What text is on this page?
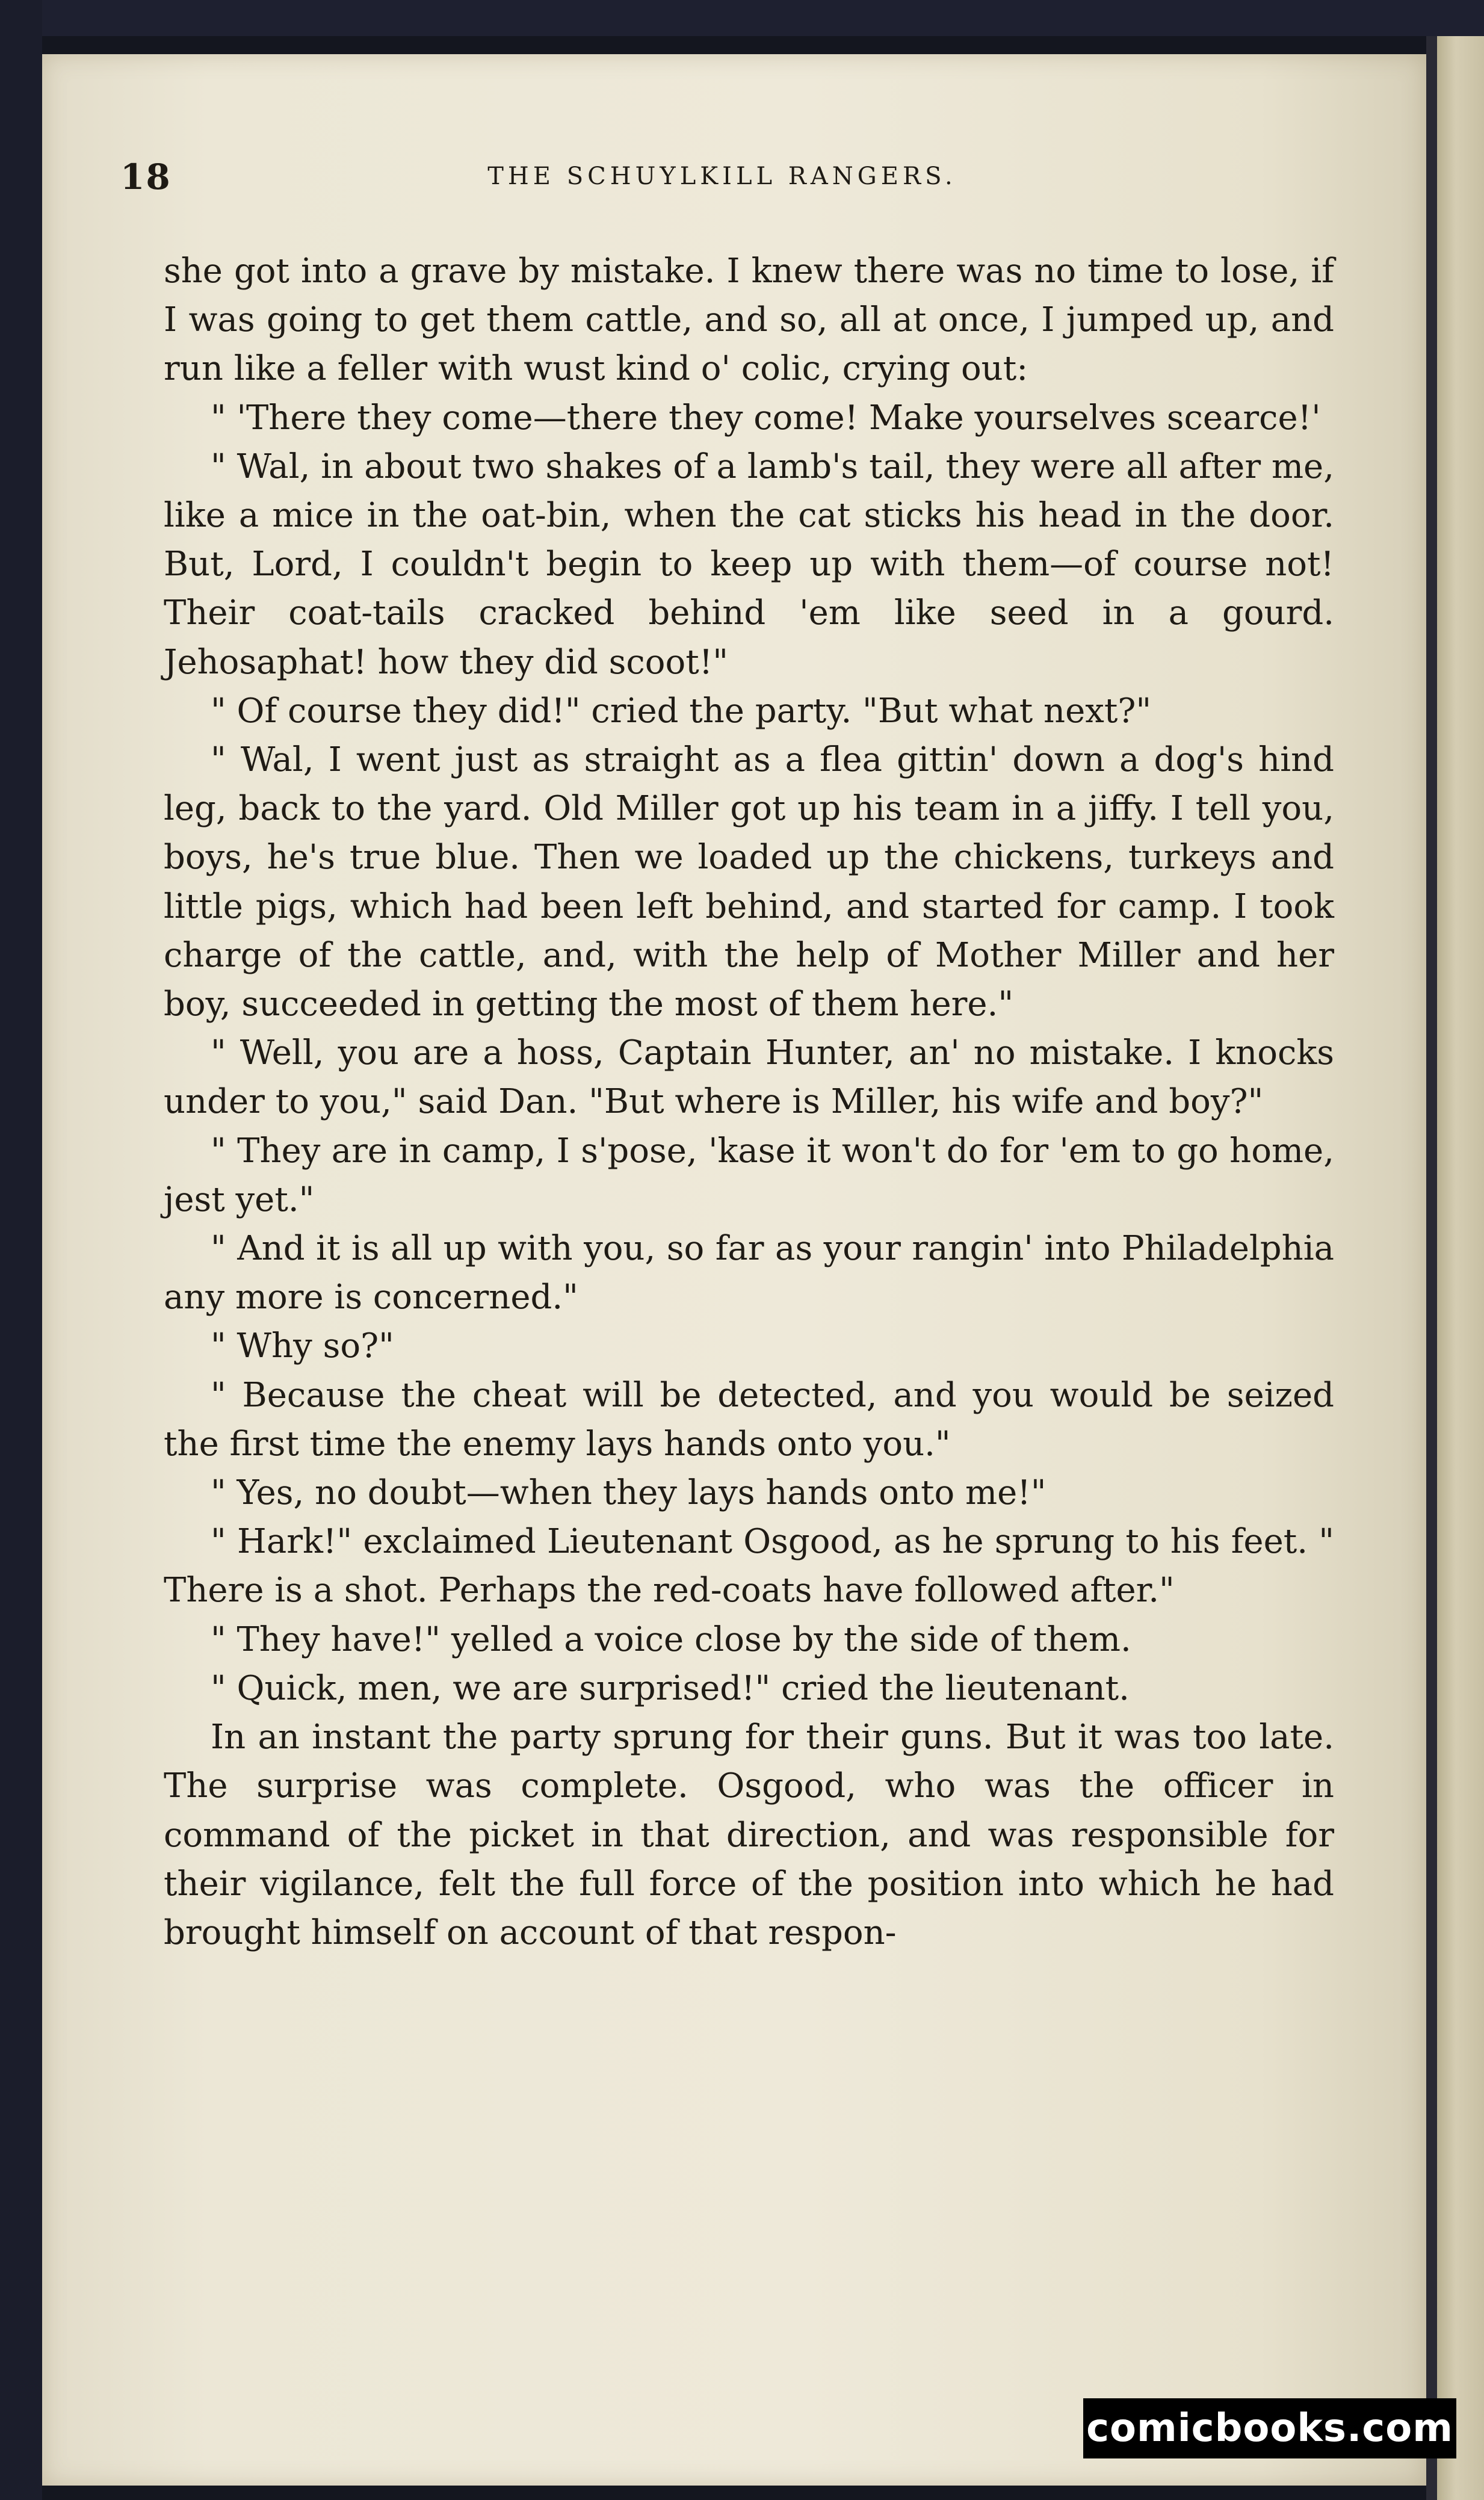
18	THE SCHUYLKILL RANGERS.

she got into a grave by mistake. I knew there was no time to lose, if I was going to get them cattle, and so, all at once, I jumped up, and run like a feller with wust kind o' colic, crying out:

" 'There they come—there they come! Make yourselves scearce!'

" Wal, in about two shakes of a lamb's tail, they were all after me, like a mice in the oat-bin, when the cat sticks his head in the door. But, Lord, I couldn't begin to keep up with them—of course not! Their coat-tails cracked behind 'em like seed in a gourd. Jehosaphat! how they did scoot!"

" Of course they did!" cried the party. "But what next?"

" Wal, I went just as straight as a flea gittin' down a dog's hind leg, back to the yard. Old Miller got up his team in a jiffy. I tell you, boys, he's true blue. Then we loaded up the chickens, turkeys and little pigs, which had been left behind, and started for camp. I took charge of the cattle, and, with the help of Mother Miller and her boy, succeeded in getting the most of them here."

" Well, you are a hoss, Captain Hunter, an' no mistake. I knocks under to you," said Dan. "But where is Miller, his wife and boy?"

" They are in camp, I s'pose, 'kase it won't do for 'em to go home, jest yet."

" And it is all up with you, so far as your rangin' into Philadelphia any more is concerned."

" Why so?"

" Because the cheat will be detected, and you would be seized the first time the enemy lays hands onto you."

" Yes, no doubt—when they lays hands onto me!"

" Hark!" exclaimed Lieutenant Osgood, as he sprung to his feet. " There is a shot. Perhaps the red-coats have followed after."

" They have!" yelled a voice close by the side of them.

" Quick, men, we are surprised!" cried the lieutenant.

In an instant the party sprung for their guns. But it was too late. The surprise was complete. Osgood, who was the officer in command of the picket in that direction, and was responsible for their vigilance, felt the full force of the position into which he had brought himself on account of that respon-

comicbooks.com
